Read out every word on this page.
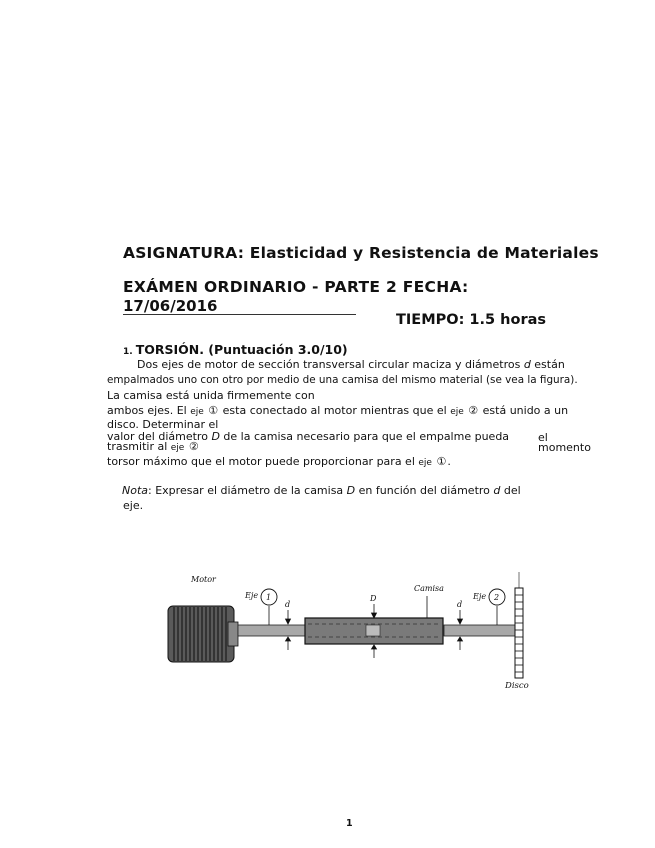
ASIGNATURA: Elasticidad y Resistencia de Materiales
EXÁMEN ORDINARIO - PARTE 2 FECHA:
17/06/2016
TIEMPO: 1.5 horas
1. TORSIÓN. (Puntuación 3.0/10)
Dos ejes de motor de sección transversal circular maciza y diámetros d están
empalmados uno con otro por medio de una camisa del mismo material (se vea la figura).
La camisa está unida firmemente con
ambos ejes. El eje ① esta conectado al motor mientras que el eje ② está unido a un
disco. Determinar el
valor del diámetro D de la camisa necesario para que el empalme pueda	el
trasmitir al eje ②	momento
torsor máximo que el motor puede proporcionar para el eje ①.
Nota: Expresar el diámetro de la camisa D en función del diámetro d del
eje.
Motor
Eje 1
d
D
Camisa
d
Eje 2
Disco
1
